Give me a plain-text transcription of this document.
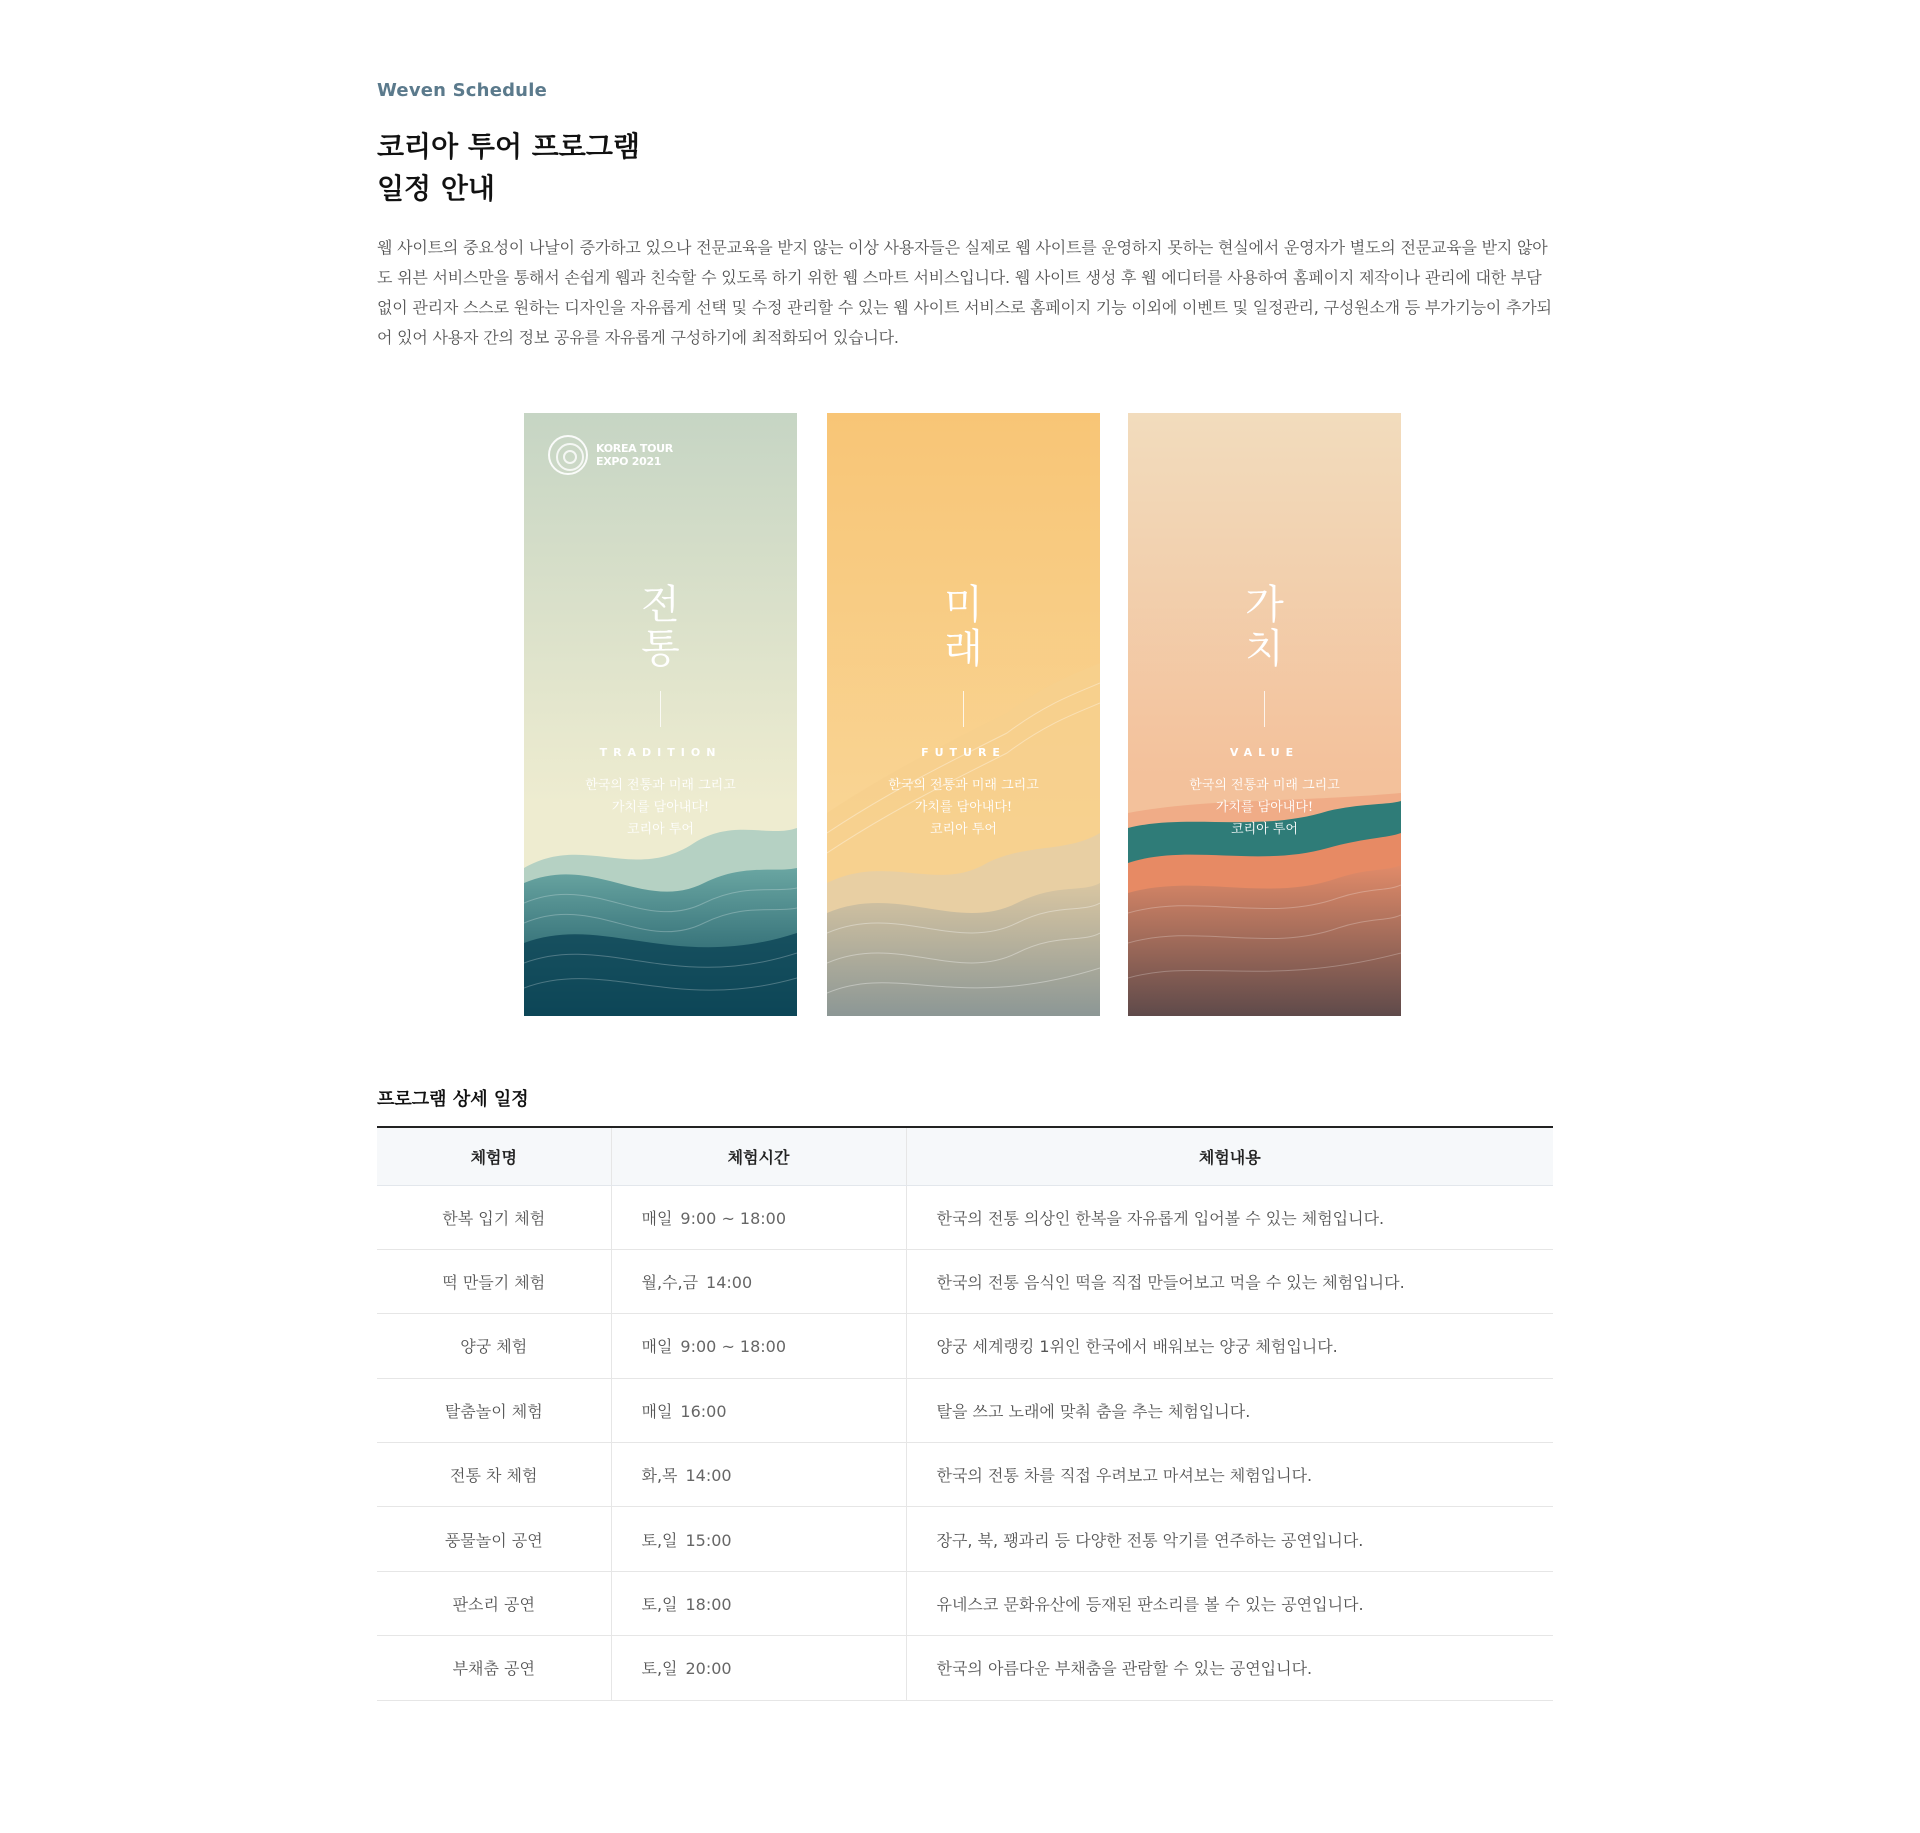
Weven Schedule
코리아 투어 프로그램
일정 안내

웹 사이트의 중요성이 나날이 증가하고 있으나 전문교육을 받지 않는 이상 사용자들은 실제로 웹 사이트를 운영하지 못하는 현실에서 운영자가 별도의 전문교육을 받지 않아도 위븐 서비스만을 통해서 손쉽게 웹과 친숙할 수 있도록 하기 위한 웹 스마트 서비스입니다. 웹 사이트 생성 후 웹 에디터를 사용하여 홈페이지 제작이나 관리에 대한 부담없이 관리자 스스로 원하는 디자인을 자유롭게 선택 및 수정 관리할 수 있는 웹 사이트 서비스로 홈페이지 기능 이외에 이벤트 및 일정관리, 구성원소개 등 부가기능이 추가되어 있어 사용자 간의 정보 공유를 자유롭게 구성하기에 최적화되어 있습니다.

KOREA TOUR
EXPO 2021
전
통
TRADITION
한국의 전통과 미래 그리고
가치를 담아내다!
코리아 투어
미
래
FUTURE
한국의 전통과 미래 그리고
가치를 담아내다!
코리아 투어
가
치
VALUE
한국의 전통과 미래 그리고
가치를 담아내다!
코리아 투어
프로그램 상세 일정
체험명	체험시간	체험내용
한복 입기 체험	매일 9:00 ~ 18:00	한국의 전통 의상인 한복을 자유롭게 입어볼 수 있는 체험입니다.
떡 만들기 체험	월,수,금 14:00	한국의 전통 음식인 떡을 직접 만들어보고 먹을 수 있는 체험입니다.
양궁 체험	매일 9:00 ~ 18:00	양궁 세계랭킹 1위인 한국에서 배워보는 양궁 체험입니다.
탈춤놀이 체험	매일 16:00	탈을 쓰고 노래에 맞춰 춤을 추는 체험입니다.
전통 차 체험	화,목 14:00	한국의 전통 차를 직접 우려보고 마셔보는 체험입니다.
풍물놀이 공연	토,일 15:00	장구, 북, 꽹과리 등 다양한 전통 악기를 연주하는 공연입니다.
판소리 공연	토,일 18:00	유네스코 문화유산에 등재된 판소리를 볼 수 있는 공연입니다.
부채춤 공연	토,일 20:00	한국의 아름다운 부채춤을 관람할 수 있는 공연입니다.
